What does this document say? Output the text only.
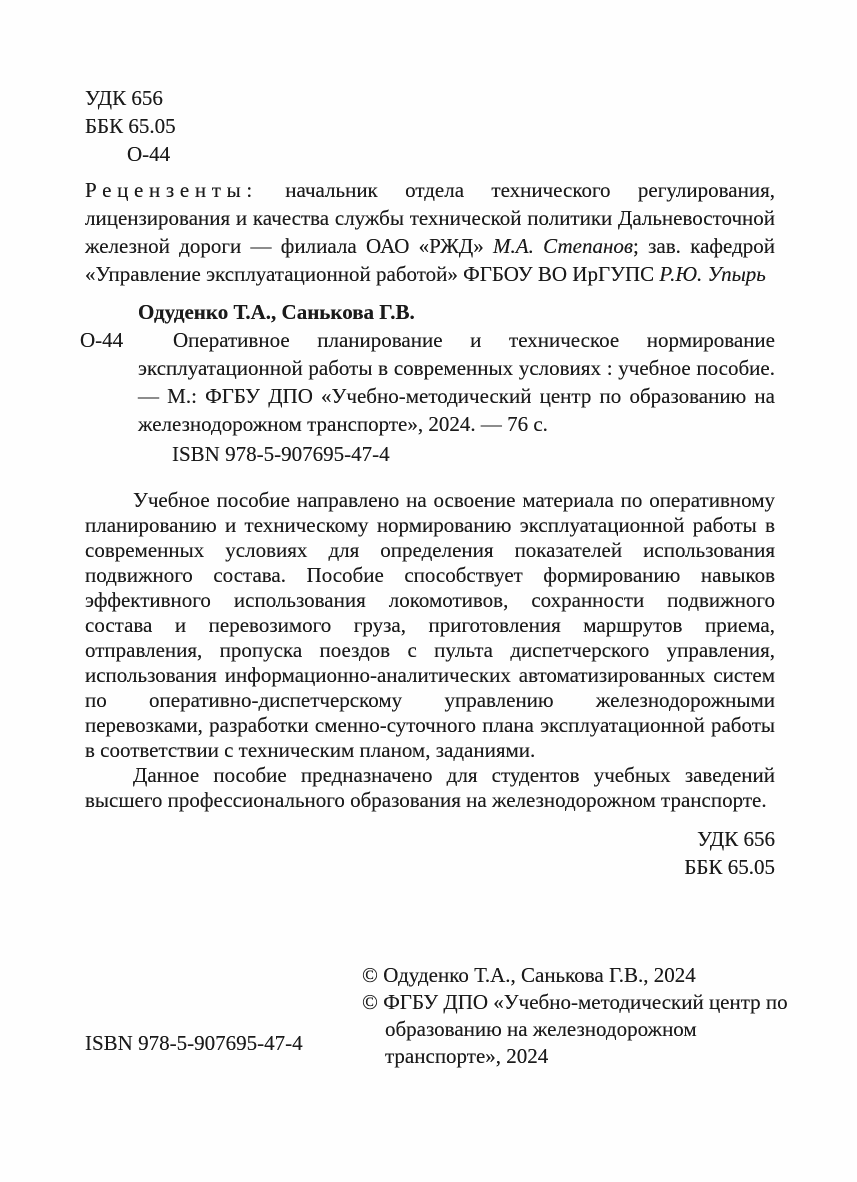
УДК 656
ББК 65.05
О-44

Рецензенты: начальник отдела технического регулирования, лицензирования и качества службы технической политики Дальневосточной железной дороги — филиала ОАО «РЖД» М.А. Степанов; зав. кафедрой «Управление эксплуатационной работой» ФГБОУ ВО ИрГУПС Р.Ю. Упырь

Одуденко Т.А., Санькова Г.В.

О-44	Оперативное планирование и техническое нормирование эксплуатационной работы в современных условиях : учебное пособие. — М.: ФГБУ ДПО «Учебно-методический центр по образованию на железнодорожном транспорте», 2024. — 76 с.

ISBN 978-5-907695-47-4

Учебное пособие направлено на освоение материала по оперативному планированию и техническому нормированию эксплуатационной работы в современных условиях для определения показателей использования подвижного состава. Пособие способствует формированию навыков эффективного использования локомотивов, сохранности подвижного состава и перевозимого груза, приготовления маршрутов приема, отправления, пропуска поездов с пульта диспетчерского управления, использования информационно-аналитических автоматизированных систем по оперативно-диспетчерскому управлению железнодорожными перевозками, разработки сменно-суточного плана эксплуатационной работы в соответствии с техническим планом, заданиями.

Данное пособие предназначено для студентов учебных заведений высшего профессионального образования на железнодорожном транспорте.

УДК 656
ББК 65.05

© Одуденко Т.А., Санькова Г.В., 2024

© ФГБУ ДПО «Учебно-методический центр по образованию на железнодорожном транспорте», 2024

ISBN 978-5-907695-47-4
